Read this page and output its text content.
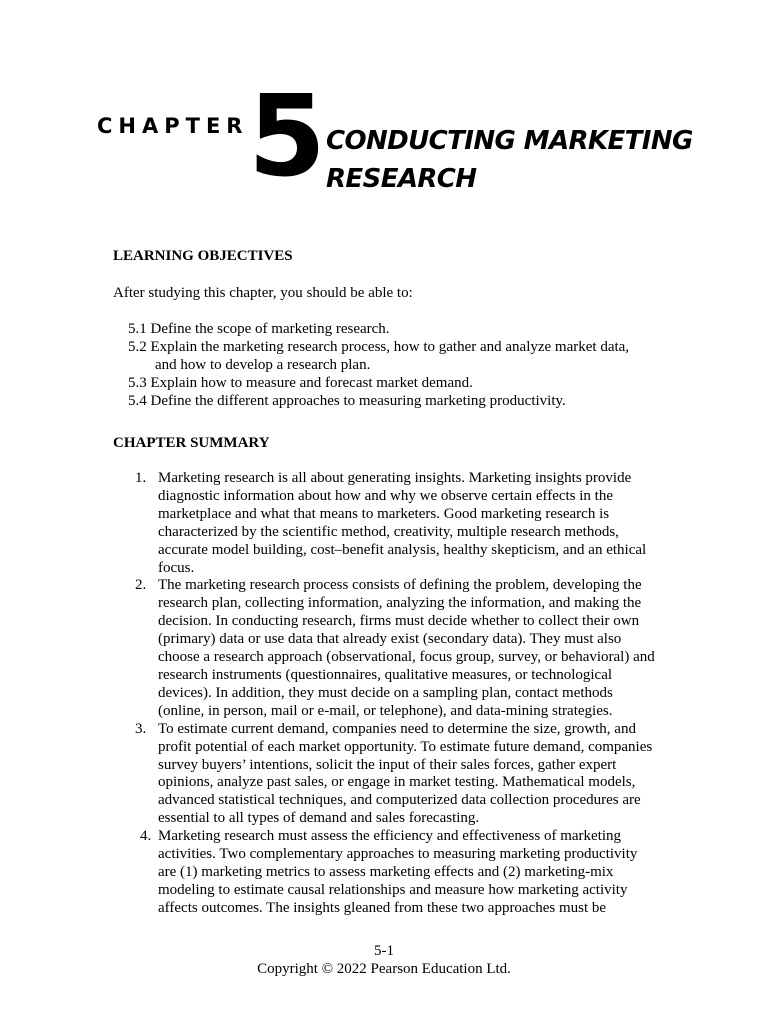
CHAPTER 5 CONDUCTING MARKETING
RESEARCH
LEARNING OBJECTIVES
After studying this chapter, you should be able to:
5.1 Define the scope of marketing research.
5.2 Explain the marketing research process, how to gather and analyze market data, and how to develop a research plan.
5.3 Explain how to measure and forecast market demand.
5.4 Define the different approaches to measuring marketing productivity.
CHAPTER SUMMARY
1. Marketing research is all about generating insights. Marketing insights provide diagnostic information about how and why we observe certain effects in the marketplace and what that means to marketers. Good marketing research is characterized by the scientific method, creativity, multiple research methods, accurate model building, cost–benefit analysis, healthy skepticism, and an ethical focus.
2. The marketing research process consists of defining the problem, developing the research plan, collecting information, analyzing the information, and making the decision. In conducting research, firms must decide whether to collect their own (primary) data or use data that already exist (secondary data). They must also choose a research approach (observational, focus group, survey, or behavioral) and research instruments (questionnaires, qualitative measures, or technological devices). In addition, they must decide on a sampling plan, contact methods (online, in person, mail or e-mail, or telephone), and data-mining strategies.
3. To estimate current demand, companies need to determine the size, growth, and profit potential of each market opportunity. To estimate future demand, companies survey buyers’ intentions, solicit the input of their sales forces, gather expert opinions, analyze past sales, or engage in market testing. Mathematical models, advanced statistical techniques, and computerized data collection procedures are essential to all types of demand and sales forecasting.
4. Marketing research must assess the efficiency and effectiveness of marketing activities. Two complementary approaches to measuring marketing productivity are (1) marketing metrics to assess marketing effects and (2) marketing-mix modeling to estimate causal relationships and measure how marketing activity affects outcomes. The insights gleaned from these two approaches must be
5-1
Copyright © 2022 Pearson Education Ltd.
